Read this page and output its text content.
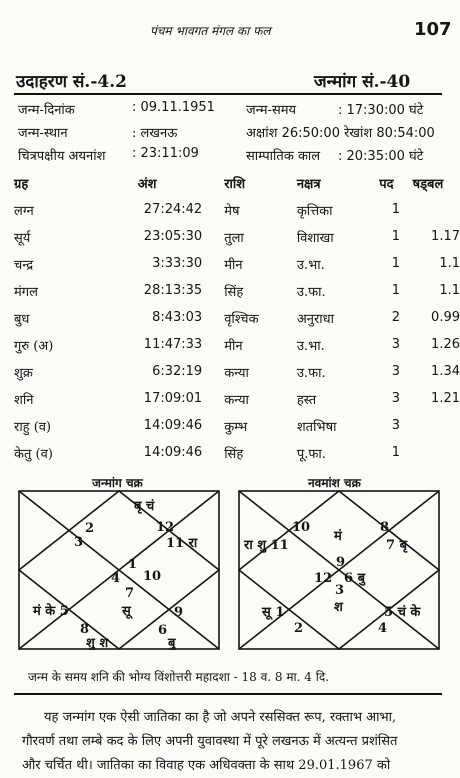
पंचम भावगत मंगल का फल	107
उदाहरण सं.-4.2	जन्मांग सं.-40
जन्म-दिनांक	: 09.11.1951 जन्म-समय	: 17:30:00 घंटे
जन्म-स्थान	: लखनऊ	अक्षांश 26:50:00 रेखांश 80:54:00
चित्रपक्षीय अयनांश : 23:11:09	साम्पातिक काल : 20:35:00 घंटे
ग्रह	अंश	राशि	नक्षत्र	पद	षड्बल
लग्न	27:24:42	मेष	कृत्तिका	1	
सूर्य	23:05:30	तुला	विशाखा	1	1.17
चन्द्र	3:33:30	मीन	उ.भा.	1	1.1
मंगल	28:13:35	सिंह	उ.फा.	1	1.1
बुध	8:43:03	वृश्चिक	अनुराधा	2	0.99
गुरु (अ)	11:47:33	मीन	उ.भा.	3	1.26
शुक्र	6:32:19	कन्या	उ.फा.	3	1.34
शनि	17:09:01	कन्या	हस्त	3	1.21
राहु (व)	14:09:46	कुम्भ	शतभिषा	3	
केतु (व)	14:09:46	सिंह	पू.फा.	1	
जन्मांग चक्र	नवमांश चक्र
बृ चं
12
2
3	11 रा
1
4 10
7
सू
मं के 5
8
9
6
शु श	बु
10
मं
8
रा शु 11	7 बृ
9
12 6 बु
3
श
सू 1
2
5 चं के
4
जन्म के समय शनि की भोग्य विंशोत्तरी महादशा - 18 व. 8 मा. 4 दि.
यह जन्मांग एक ऐसी जातिका का है जो अपने रससिक्त रूप, रक्ताभ आभा,
गौरवर्ण तथा लम्बे कद के लिए अपनी युवावस्था में पूरे लखनऊ में अत्यन्त प्रशंसित
और चर्चित थी। जातिका का विवाह एक अधिवक्ता के साथ 29.01.1967 को
